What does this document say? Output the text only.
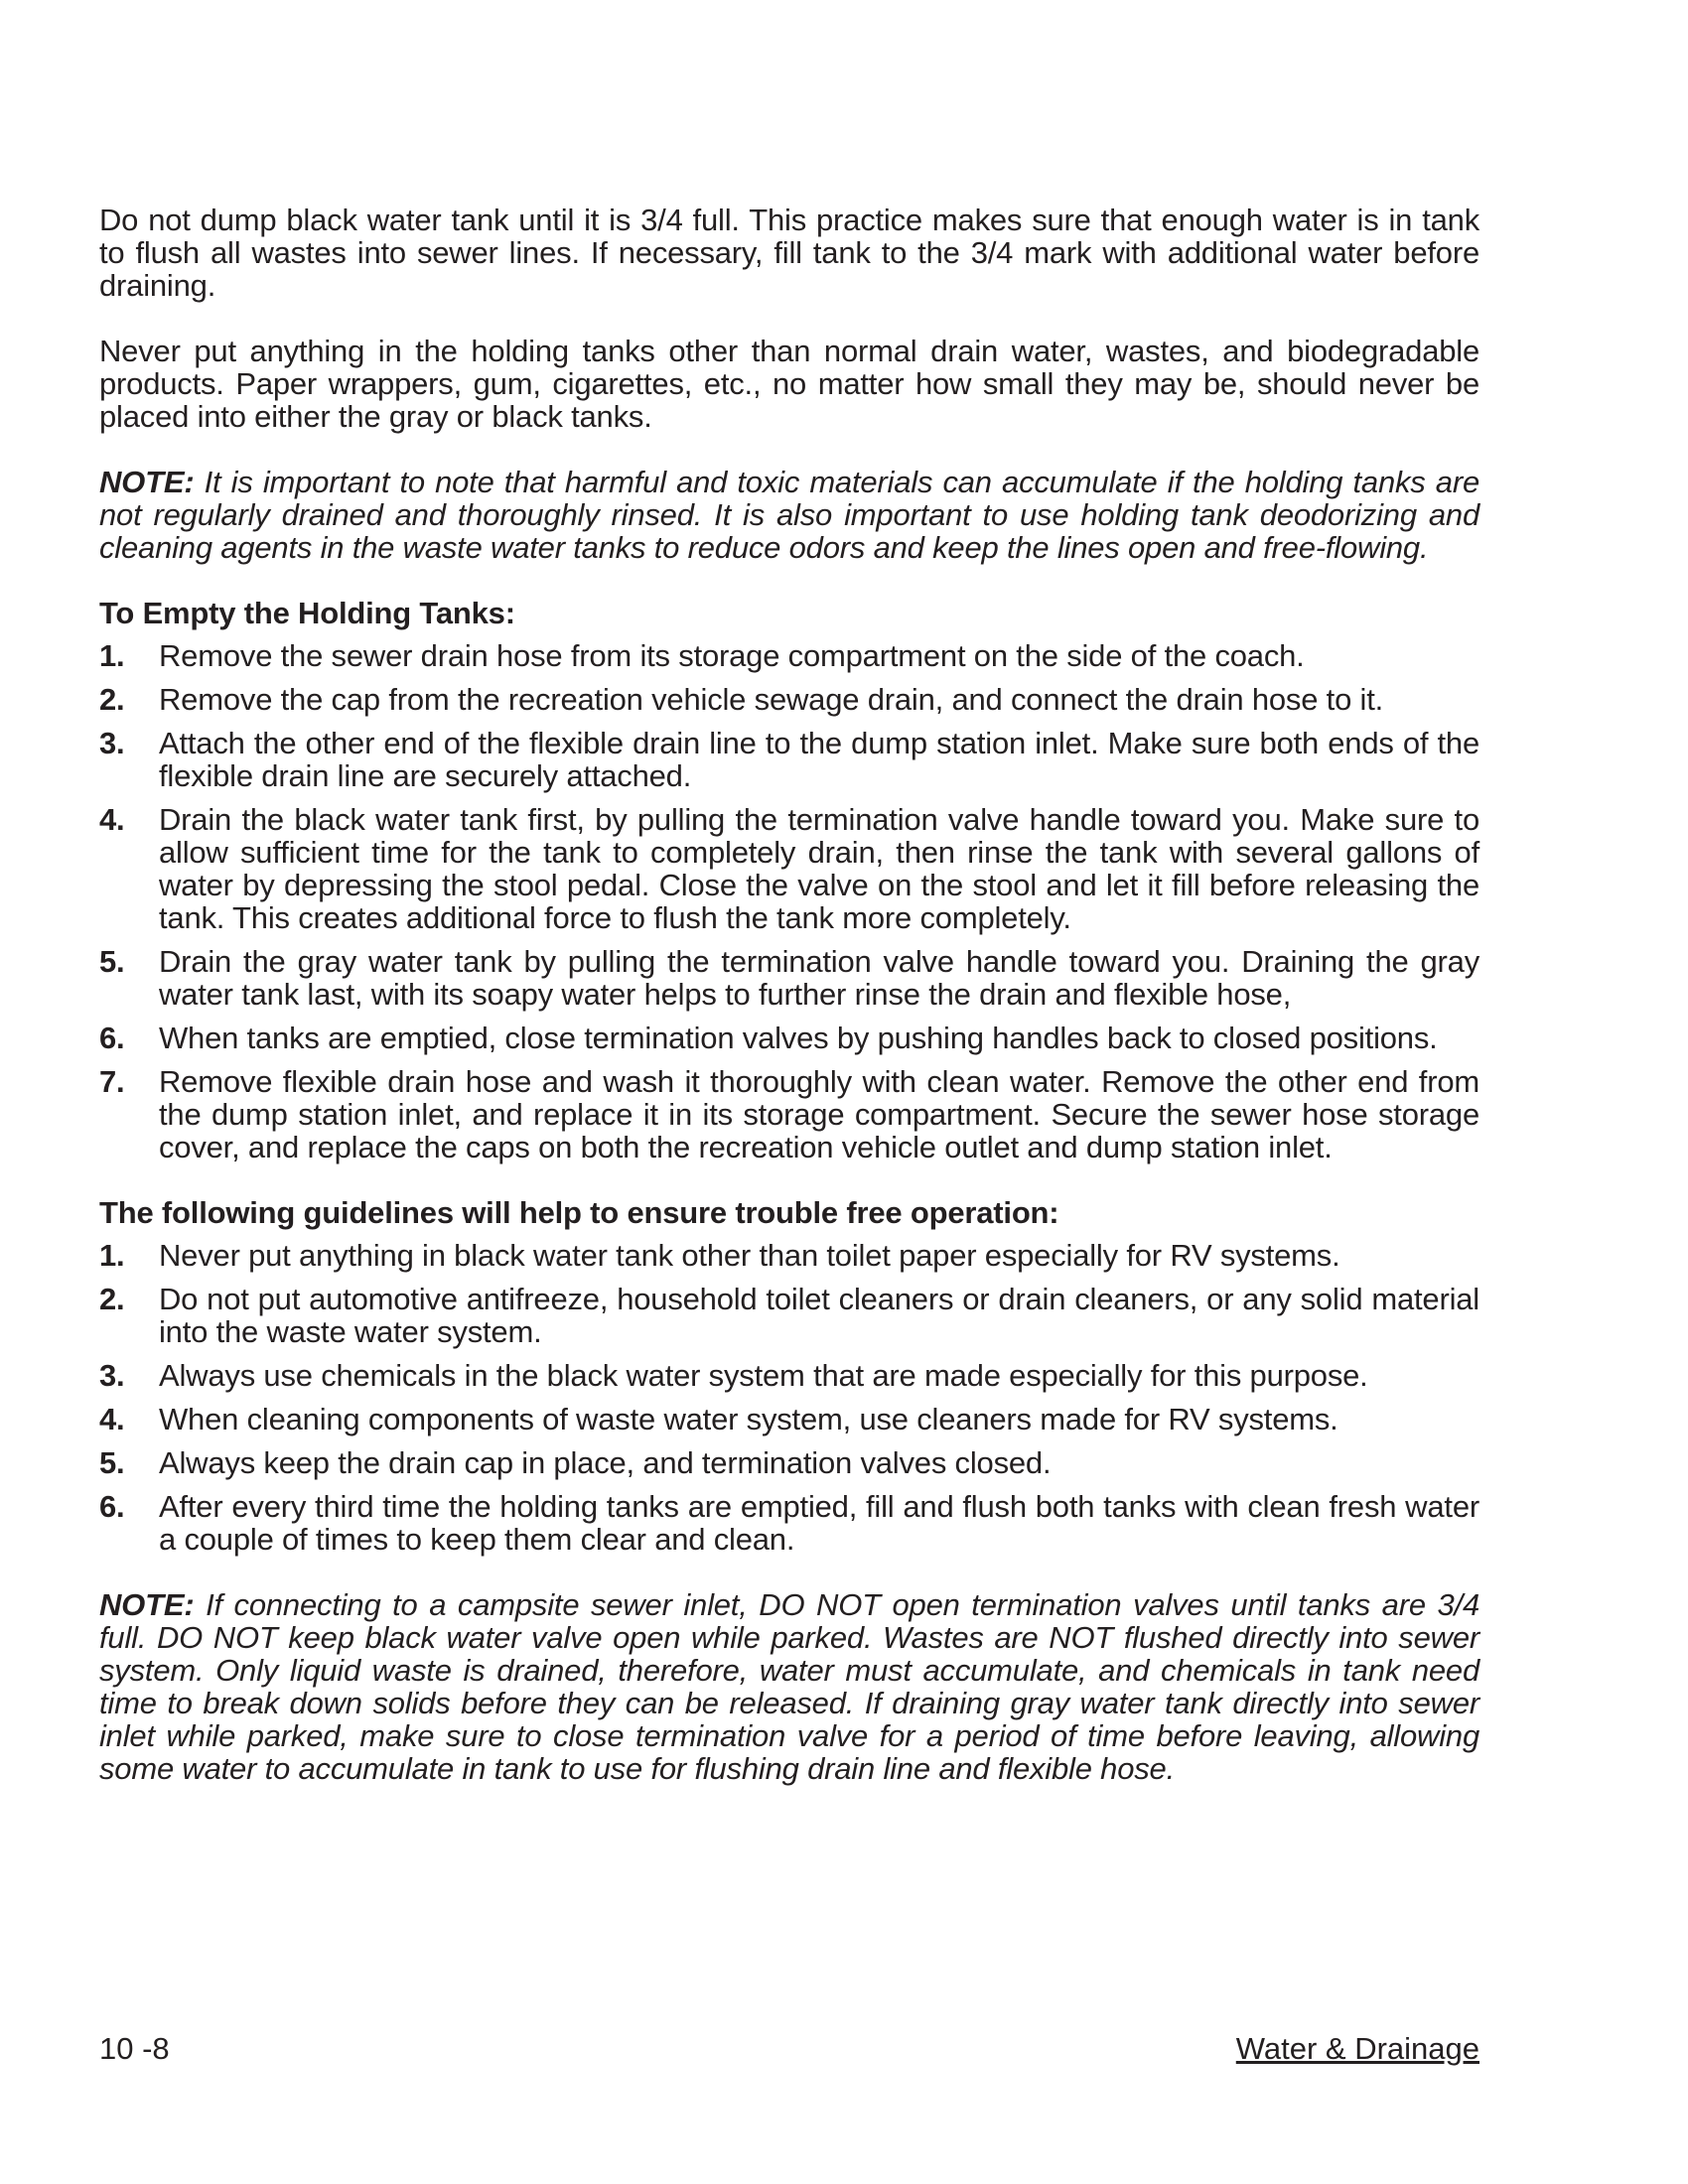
Do not dump black water tank until it is 3/4 full. This practice makes sure that enough water is in tank to flush all wastes into sewer lines. If necessary, fill tank to the 3/4 mark with additional water before draining.

Never put anything in the holding tanks other than normal drain water, wastes, and biodegradable products. Paper wrappers, gum, cigarettes, etc., no matter how small they may be, should never be placed into either the gray or black tanks.

NOTE: It is important to note that harmful and toxic materials can accumulate if the holding tanks are not regularly drained and thoroughly rinsed. It is also important to use holding tank deodorizing and cleaning agents in the waste water tanks to reduce odors and keep the lines open and free-flowing.

To Empty the Holding Tanks:
1. Remove the sewer drain hose from its storage compartment on the side of the coach.
2. Remove the cap from the recreation vehicle sewage drain, and connect the drain hose to it.
3. Attach the other end of the flexible drain line to the dump station inlet. Make sure both ends of the flexible drain line are securely attached.
4. Drain the black water tank first, by pulling the termination valve handle toward you. Make sure to allow sufficient time for the tank to completely drain, then rinse the tank with several gallons of water by depressing the stool pedal. Close the valve on the stool and let it fill before releasing the tank. This creates additional force to flush the tank more completely.
5. Drain the gray water tank by pulling the termination valve handle toward you. Draining the gray water tank last, with its soapy water helps to further rinse the drain and flexible hose,
6. When tanks are emptied, close termination valves by pushing handles back to closed positions.
7. Remove flexible drain hose and wash it thoroughly with clean water. Remove the other end from the dump station inlet, and replace it in its storage compartment. Secure the sewer hose storage cover, and replace the caps on both the recreation vehicle outlet and dump station inlet.
The following guidelines will help to ensure trouble free operation:
1. Never put anything in black water tank other than toilet paper especially for RV systems.
2. Do not put automotive antifreeze, household toilet cleaners or drain cleaners, or any solid material into the waste water system.
3. Always use chemicals in the black water system that are made especially for this purpose.
4. When cleaning components of waste water system, use cleaners made for RV systems.
5. Always keep the drain cap in place, and termination valves closed.
6. After every third time the holding tanks are emptied, fill and flush both tanks with clean fresh water a couple of times to keep them clear and clean.

NOTE: If connecting to a campsite sewer inlet, DO NOT open termination valves until tanks are 3/4 full. DO NOT keep black water valve open while parked. Wastes are NOT flushed directly into sewer system. Only liquid waste is drained, therefore, water must accumulate, and chemicals in tank need time to break down solids before they can be released. If draining gray water tank directly into sewer inlet while parked, make sure to close termination valve for a period of time before leaving, allowing some water to accumulate in tank to use for flushing drain line and flexible hose.

10 -8	Water & Drainage
